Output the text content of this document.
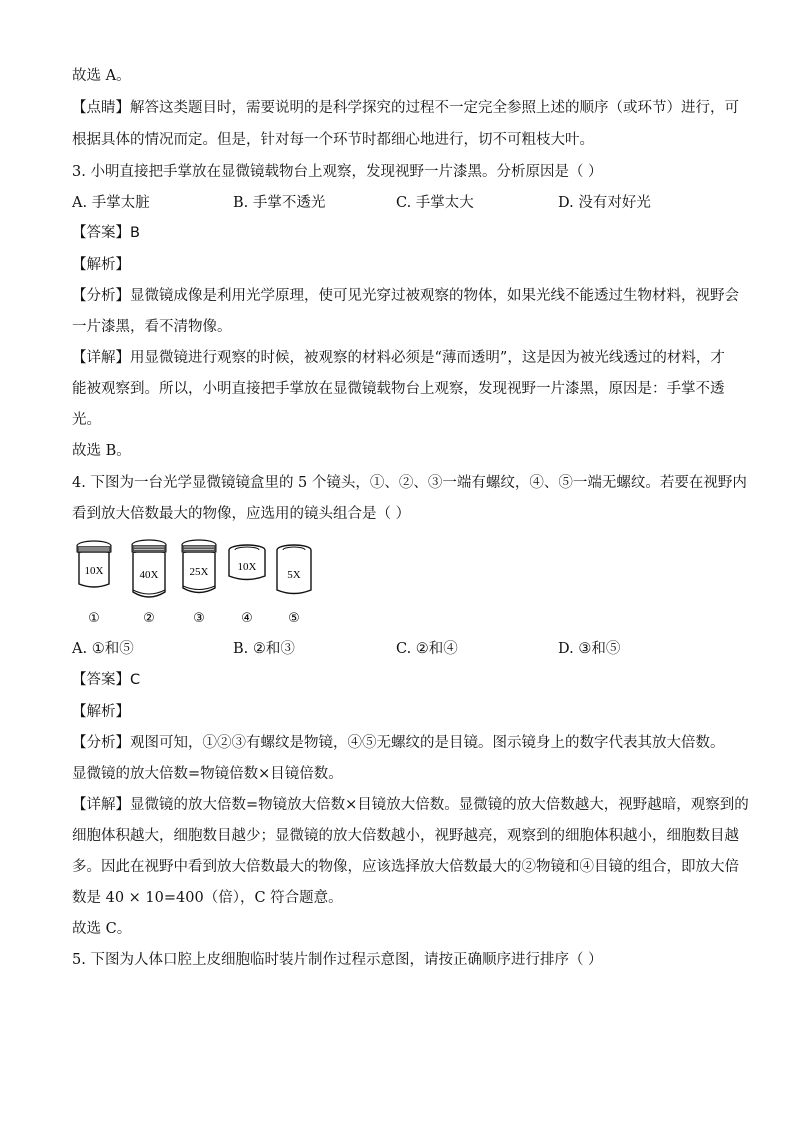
故选 A。
【点睛】解答这类题目时，需要说明的是科学探究的过程不一定完全参照上述的顺序（或环节）进行，可
根据具体的情况而定。但是，针对每一个环节时都细心地进行，切不可粗枝大叶。
3. 小明直接把手掌放在显微镜载物台上观察，发现视野一片漆黑。分析原因是（ ）
A. 手掌太脏	B. 手掌不透光	C. 手掌太大	D. 没有对好光
【答案】B
【解析】
【分析】显微镜成像是利用光学原理，使可见光穿过被观察的物体，如果光线不能透过生物材料，视野会
一片漆黑，看不清物像。
【详解】用显微镜进行观察的时候，被观察的材料必须是“薄而透明”，这是因为被光线透过的材料，才
能被观察到。所以，小明直接把手掌放在显微镜载物台上观察，发现视野一片漆黑，原因是：手掌不透
光。
故选 B。
4. 下图为一台光学显微镜镜盒里的 5 个镜头，①、②、③一端有螺纹，④、⑤一端无螺纹。若要在视野内
看到放大倍数最大的物像，应选用的镜头组合是（ ）
10X	40X	25X	10X
5X
①	②	③	④	⑤
A. ①和⑤	B. ②和③	C. ②和④	D. ③和⑤
【答案】C
【解析】
【分析】观图可知，①②③有螺纹是物镜，④⑤无螺纹的是目镜。图示镜身上的数字代表其放大倍数。
显微镜的放大倍数=物镜倍数×目镜倍数。
【详解】显微镜的放大倍数=物镜放大倍数×目镜放大倍数。显微镜的放大倍数越大，视野越暗，观察到的
细胞体积越大，细胞数目越少；显微镜的放大倍数越小，视野越亮，观察到的细胞体积越小，细胞数目越
多。因此在视野中看到放大倍数最大的物像，应该选择放大倍数最大的②物镜和④目镜的组合，即放大倍
数是 40 × 10=400（倍），C 符合题意。
故选 C。
5. 下图为人体口腔上皮细胞临时装片制作过程示意图，请按正确顺序进行排序（ ）
